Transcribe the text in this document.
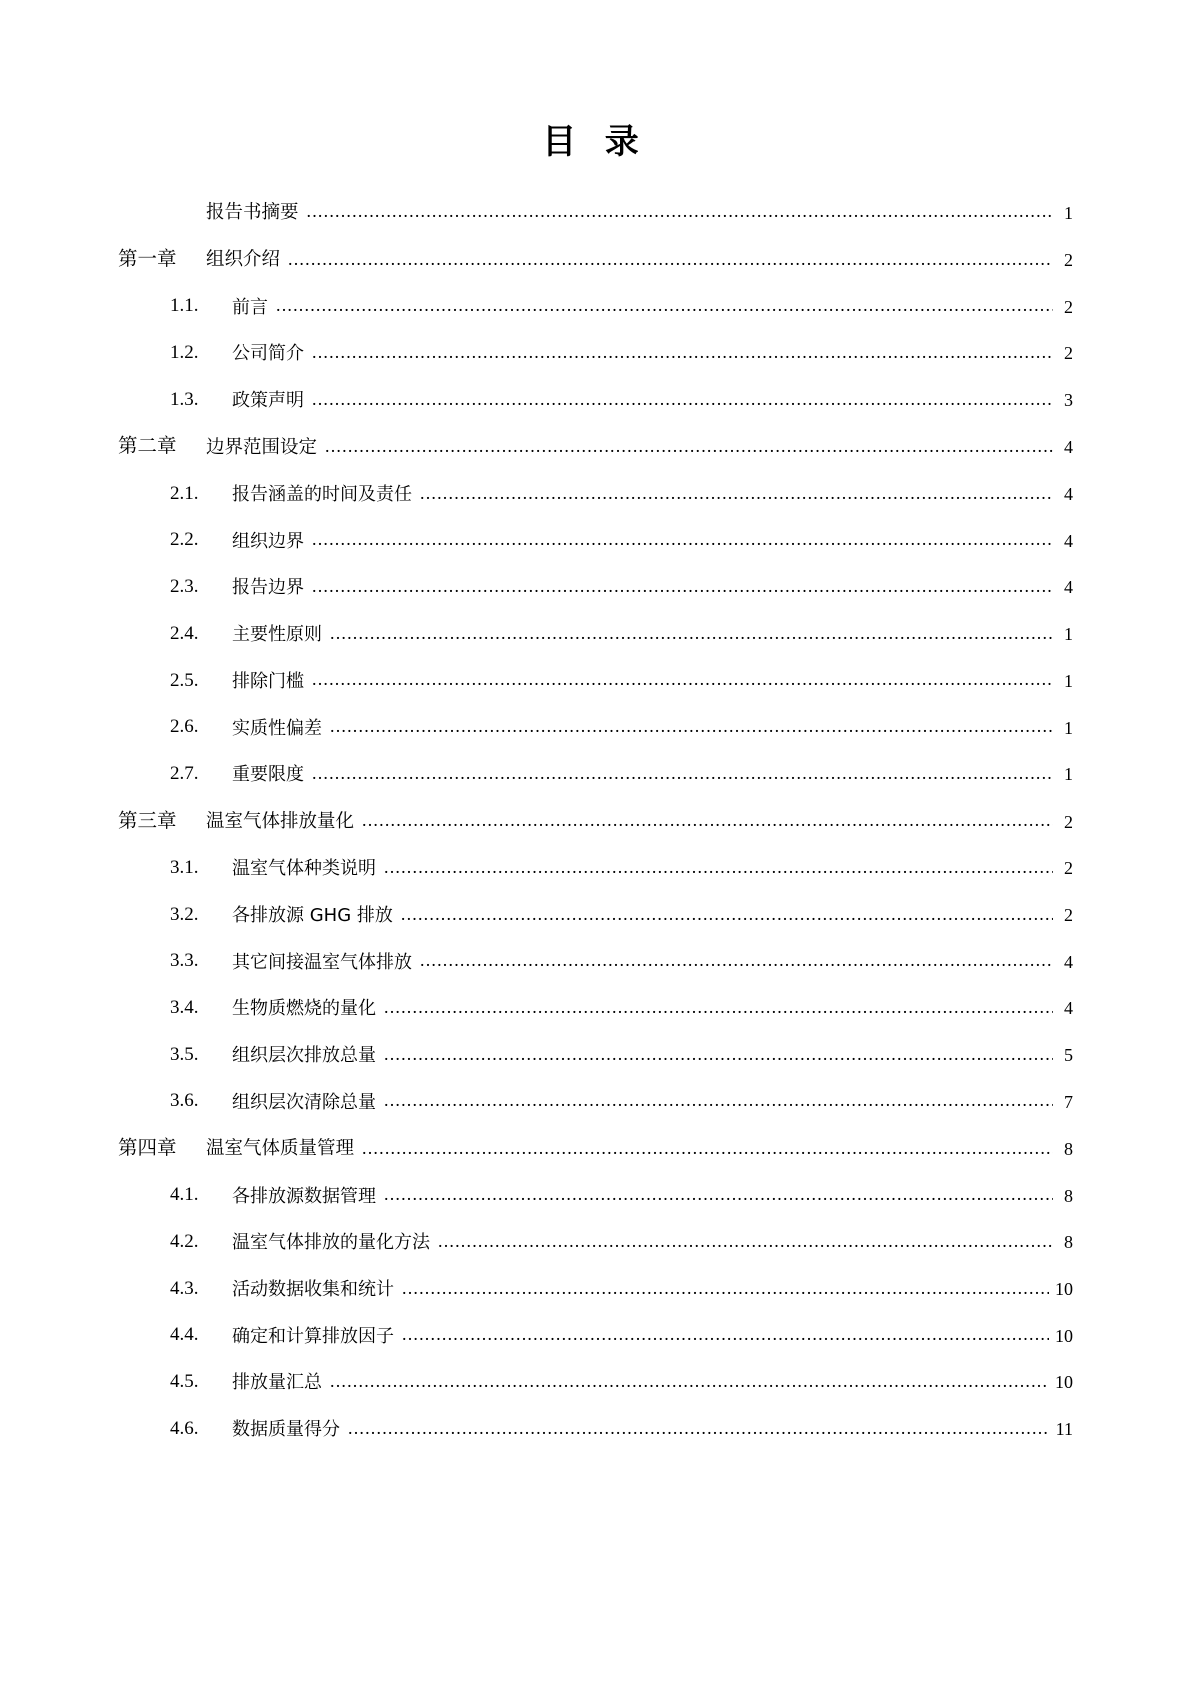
目 录
报告书摘要 .....	1
第一章	组织介绍 .....	2
1.1.	前言 .....	2
1.2.	公司简介 .....	2
1.3.	政策声明 .....	3
第二章	边界范围设定 .....	4
2.1.	报告涵盖的时间及责任 .....	4
2.2.	组织边界 .....	4
2.3.	报告边界 .....	4
2.4.	主要性原则 .....	1
2.5.	排除门槛 .....	1
2.6.	实质性偏差 .....	1
2.7.	重要限度 .....	1
第三章	温室气体排放量化 .....	2
3.1.	温室气体种类说明 .....	2
3.2.	各排放源 GHG 排放 .....	2
3.3.	其它间接温室气体排放 .....	4
3.4.	生物质燃烧的量化 .....	4
3.5.	组织层次排放总量 .....	5
3.6.	组织层次清除总量 .....	7
第四章	温室气体质量管理 .....	8
4.1.	各排放源数据管理 .....	8
4.2.	温室气体排放的量化方法 .....	8
4.3.	活动数据收集和统计 .....	10
4.4.	确定和计算排放因子 .....	10
4.5.	排放量汇总 .....	10
4.6.	数据质量得分 .....	11
